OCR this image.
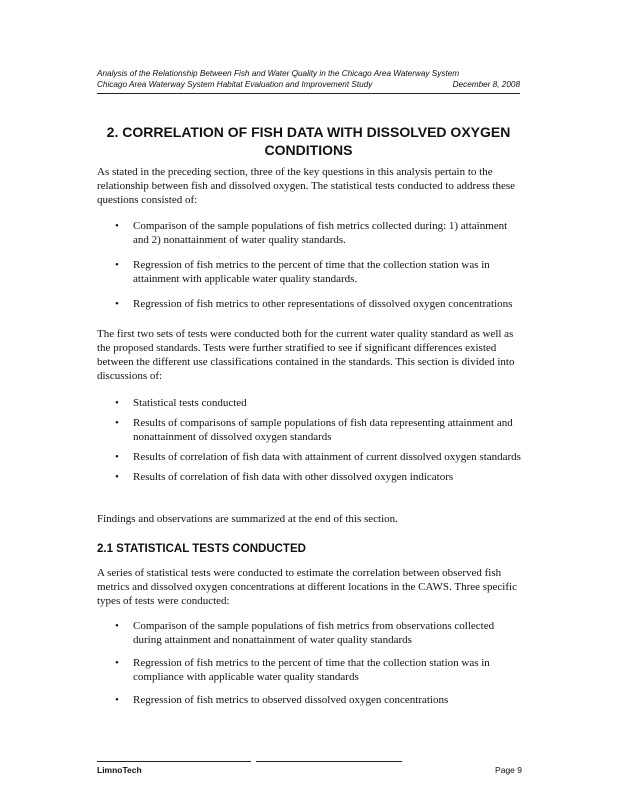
Analysis of the Relationship Between Fish and Water Quality in the Chicago Area Waterway System
Chicago Area Waterway System Habitat Evaluation and Improvement Study	December 8, 2008
2. CORRELATION OF FISH DATA WITH DISSOLVED OXYGEN CONDITIONS
As stated in the preceding section, three of the key questions in this analysis pertain to the relationship between fish and dissolved oxygen. The statistical tests conducted to address these questions consisted of:
• Comparison of the sample populations of fish metrics collected during: 1) attainment and 2) nonattainment of water quality standards.
• Regression of fish metrics to the percent of time that the collection station was in attainment with applicable water quality standards.
• Regression of fish metrics to other representations of dissolved oxygen concentrations
The first two sets of tests were conducted both for the current water quality standard as well as the proposed standards. Tests were further stratified to see if significant differences existed between the different use classifications contained in the standards. This section is divided into discussions of:
• Statistical tests conducted
• Results of comparisons of sample populations of fish data representing attainment and nonattainment of dissolved oxygen standards
• Results of correlation of fish data with attainment of current dissolved oxygen standards
• Results of correlation of fish data with other dissolved oxygen indicators
Findings and observations are summarized at the end of this section.
2.1 STATISTICAL TESTS CONDUCTED
A series of statistical tests were conducted to estimate the correlation between observed fish metrics and dissolved oxygen concentrations at different locations in the CAWS. Three specific types of tests were conducted:
• Comparison of the sample populations of fish metrics from observations collected during attainment and nonattainment of water quality standards
• Regression of fish metrics to the percent of time that the collection station was in compliance with applicable water quality standards
• Regression of fish metrics to observed dissolved oxygen concentrations
LimnoTech	Page 9
